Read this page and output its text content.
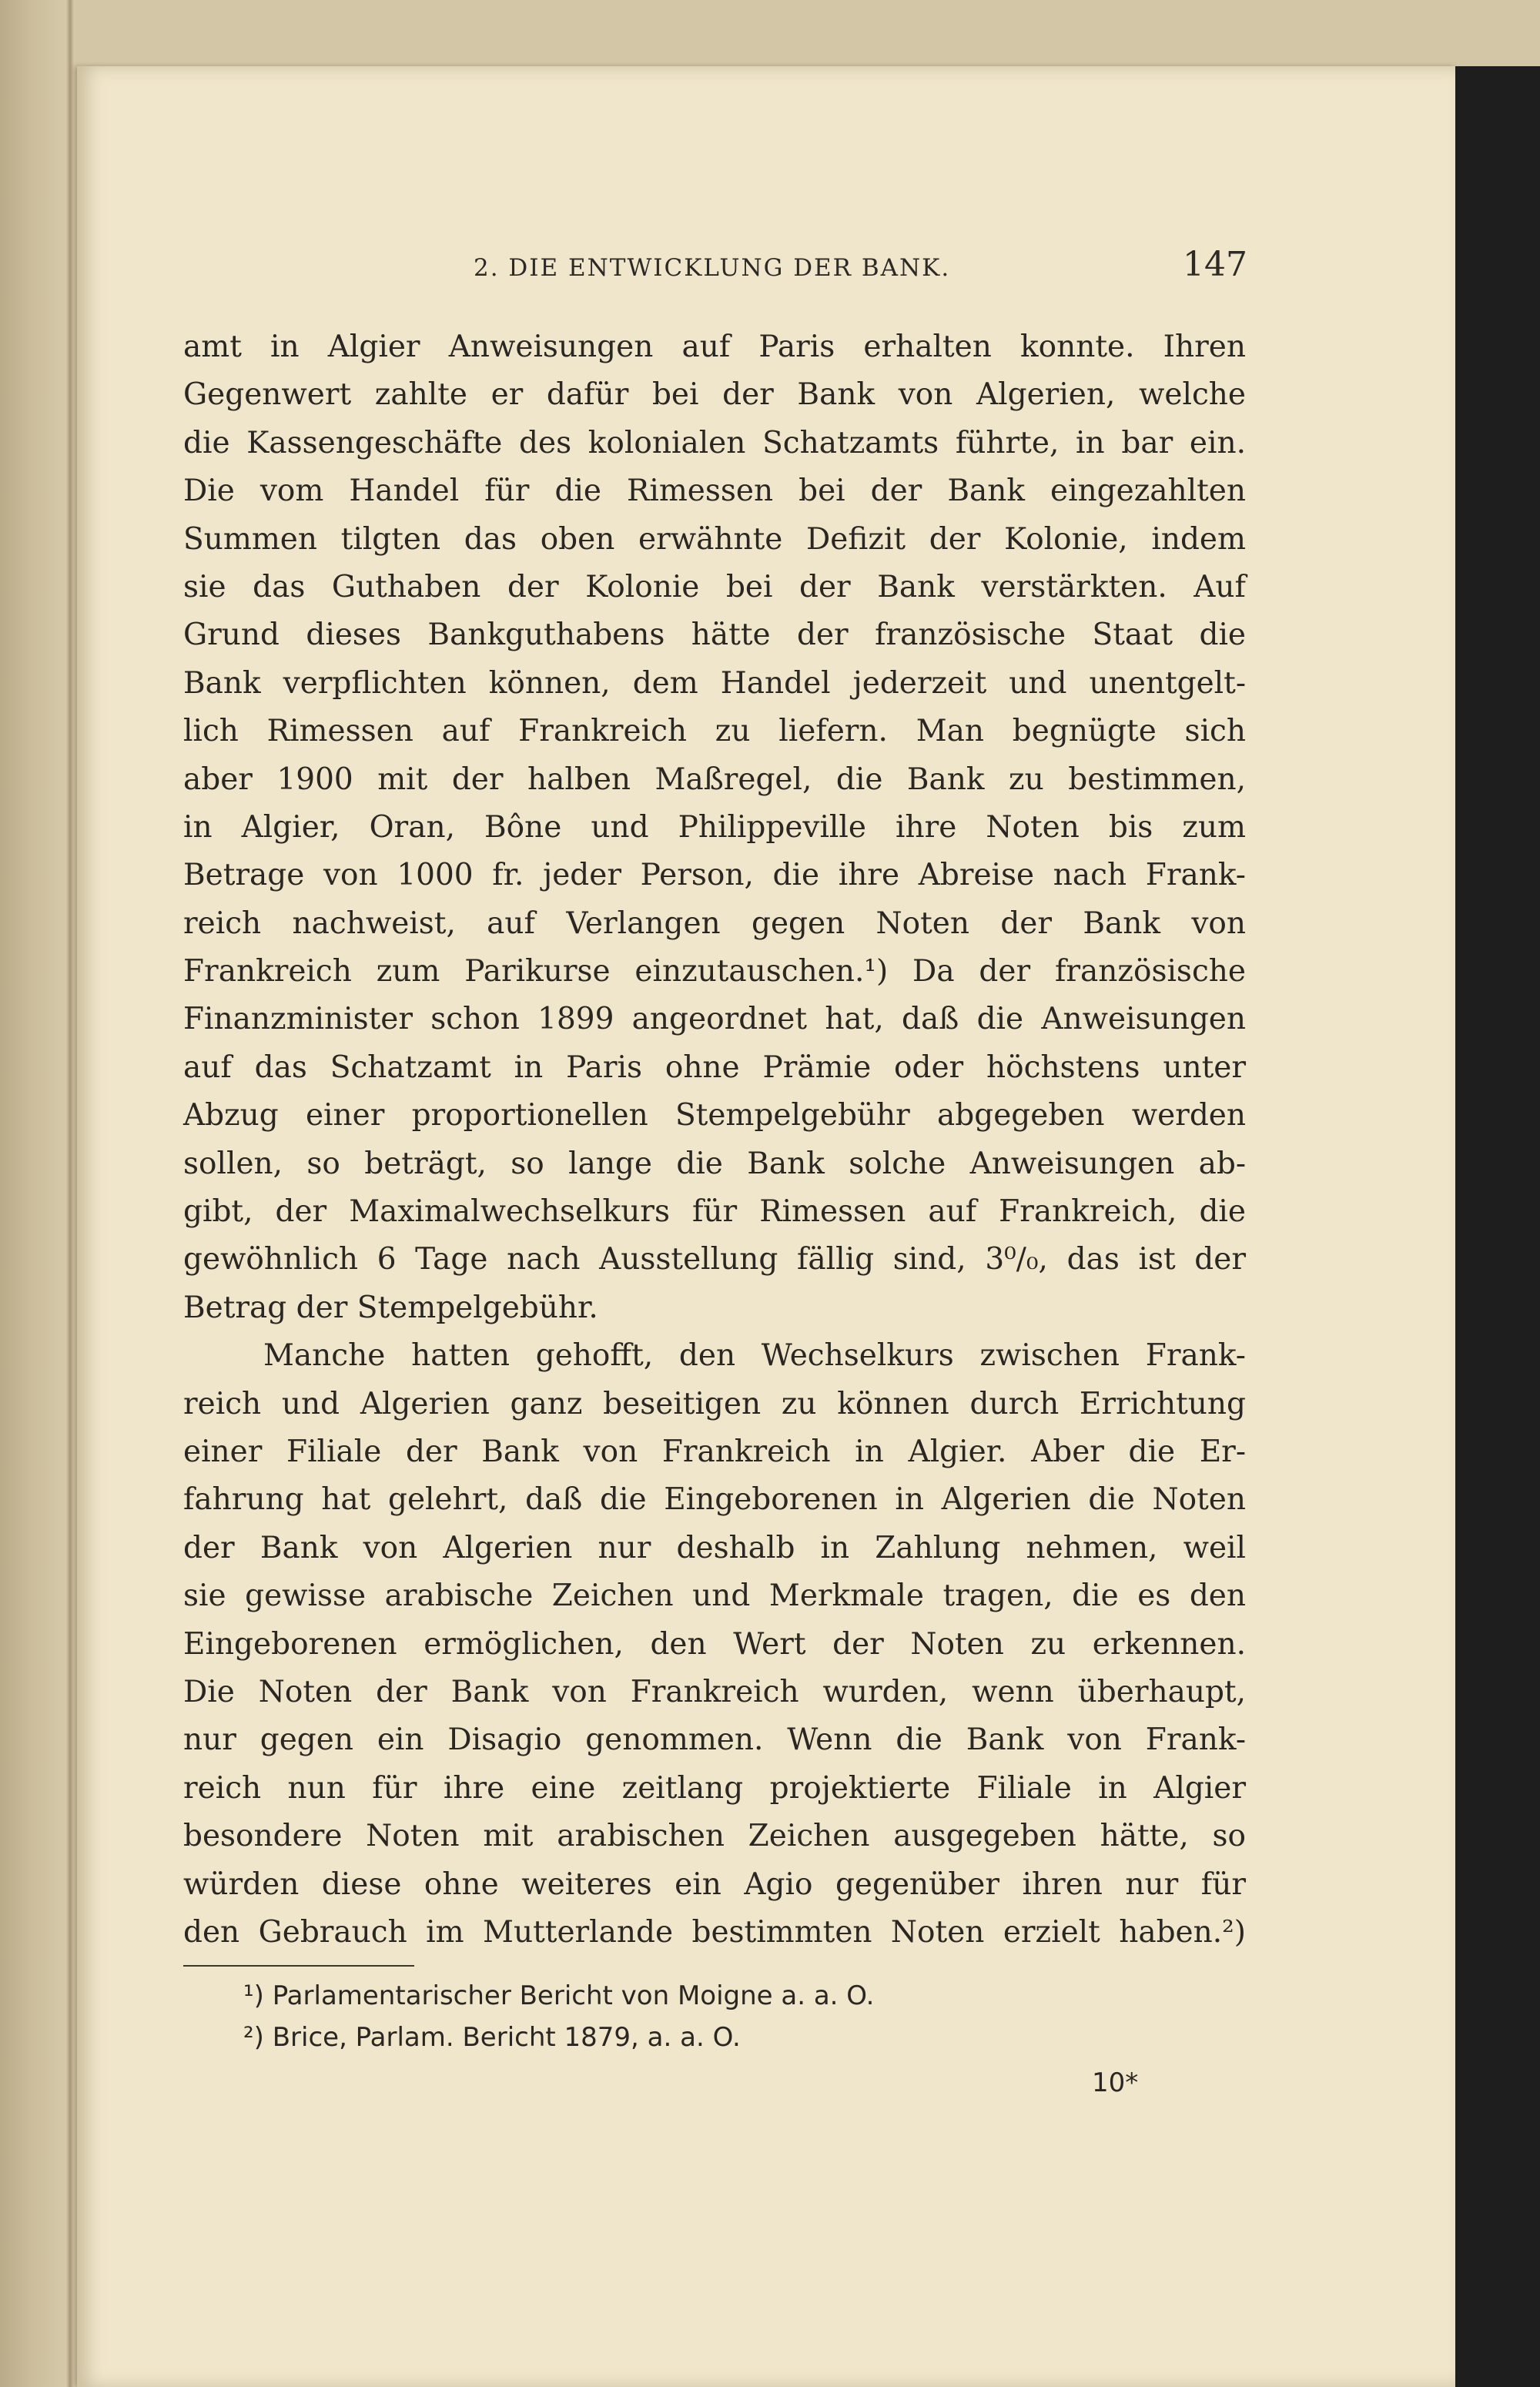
2. DIE ENTWICKLUNG DER BANK.	147
amt in Algier Anweisungen auf Paris erhalten konnte. Ihren
Gegenwert zahlte er dafür bei der Bank von Algerien, welche
die Kassengeschäfte des kolonialen Schatzamts führte, in bar ein.
Die vom Handel für die Rimessen bei der Bank eingezahlten
Summen tilgten das oben erwähnte Defizit der Kolonie, indem
sie das Guthaben der Kolonie bei der Bank verstärkten. Auf
Grund dieses Bankguthabens hätte der französische Staat die
Bank verpflichten können, dem Handel jederzeit und unentgelt-
lich Rimessen auf Frankreich zu liefern. Man begnügte sich
aber 1900 mit der halben Maßregel, die Bank zu bestimmen,
in Algier, Oran, Bône und Philippeville ihre Noten bis zum
Betrage von 1000 fr. jeder Person, die ihre Abreise nach Frank-
reich nachweist, auf Verlangen gegen Noten der Bank von
Frankreich zum Parikurse einzutauschen.¹) Da der französische
Finanzminister schon 1899 angeordnet hat, daß die Anweisungen
auf das Schatzamt in Paris ohne Prämie oder höchstens unter
Abzug einer proportionellen Stempelgebühr abgegeben werden
sollen, so beträgt, so lange die Bank solche Anweisungen ab-
gibt, der Maximalwechselkurs für Rimessen auf Frankreich, die
gewöhnlich 6 Tage nach Ausstellung fällig sind, 3⁰/₀, das ist der
Betrag der Stempelgebühr.
Manche hatten gehofft, den Wechselkurs zwischen Frank-
reich und Algerien ganz beseitigen zu können durch Errichtung
einer Filiale der Bank von Frankreich in Algier. Aber die Er-
fahrung hat gelehrt, daß die Eingeborenen in Algerien die Noten
der Bank von Algerien nur deshalb in Zahlung nehmen, weil
sie gewisse arabische Zeichen und Merkmale tragen, die es den
Eingeborenen ermöglichen, den Wert der Noten zu erkennen.
Die Noten der Bank von Frankreich wurden, wenn überhaupt,
nur gegen ein Disagio genommen. Wenn die Bank von Frank-
reich nun für ihre eine zeitlang projektierte Filiale in Algier
besondere Noten mit arabischen Zeichen ausgegeben hätte, so
würden diese ohne weiteres ein Agio gegenüber ihren nur für
den Gebrauch im Mutterlande bestimmten Noten erzielt haben.²)
¹) Parlamentarischer Bericht von Moigne a. a. O.
²) Brice, Parlam. Bericht 1879, a. a. O.
10*
